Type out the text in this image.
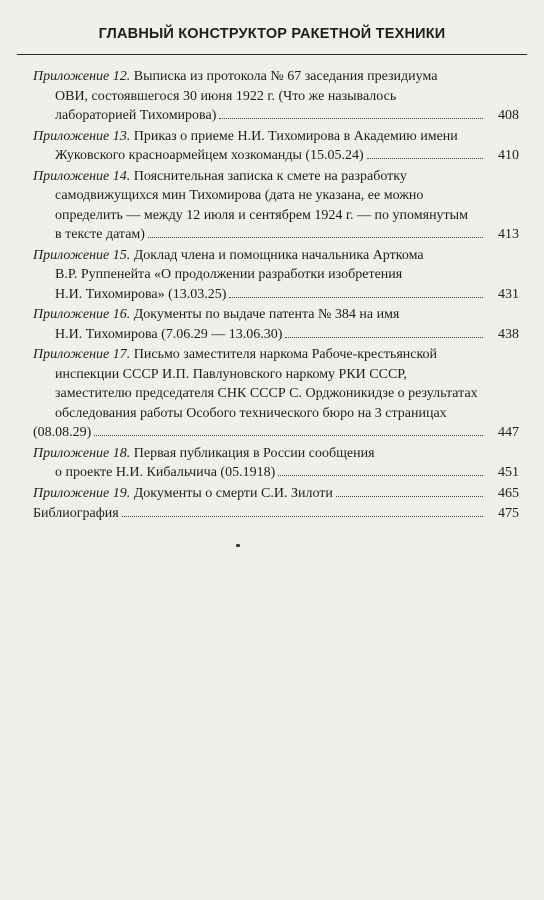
ГЛАВНЫЙ КОНСТРУКТОР РАКЕТНОЙ ТЕХНИКИ
Приложение 12. Выписка из протокола № 67 заседания президиума
ОВИ, состоявшегося 30 июня 1922 г. (Что же называлось
лабораторией Тихомирова)	408
Приложение 13. Приказ о приеме Н.И. Тихомирова в Академию имени
Жуковского красноармейцем хозкоманды (15.05.24)	410
Приложение 14. Пояснительная записка к смете на разработку
самодвижущихся мин Тихомирова (дата не указана, ее можно
определить — между 12 июля и сентябрем 1924 г. — по упомянутым
в тексте датам)	413
Приложение 15. Доклад члена и помощника начальника Арткома
В.Р. Руппенейта «О продолжении разработки изобретения
Н.И. Тихомирова» (13.03.25)	431
Приложение 16. Документы по выдаче патента № 384 на имя
Н.И. Тихомирова (7.06.29 — 13.06.30)	438
Приложение 17. Письмо заместителя наркома Рабоче-крестьянской
инспекции СССР И.П. Павлуновского наркому РКИ СССР,
заместителю председателя СНК СССР С. Орджоникидзе о результатах
обследования работы Особого технического бюро на 3 страницах
(08.08.29)	447
Приложение 18. Первая публикация в России сообщения
о проекте Н.И. Кибальчича (05.1918)	451
Приложение 19. Документы о смерти С.И. Зилоти	465
Библиография	475
